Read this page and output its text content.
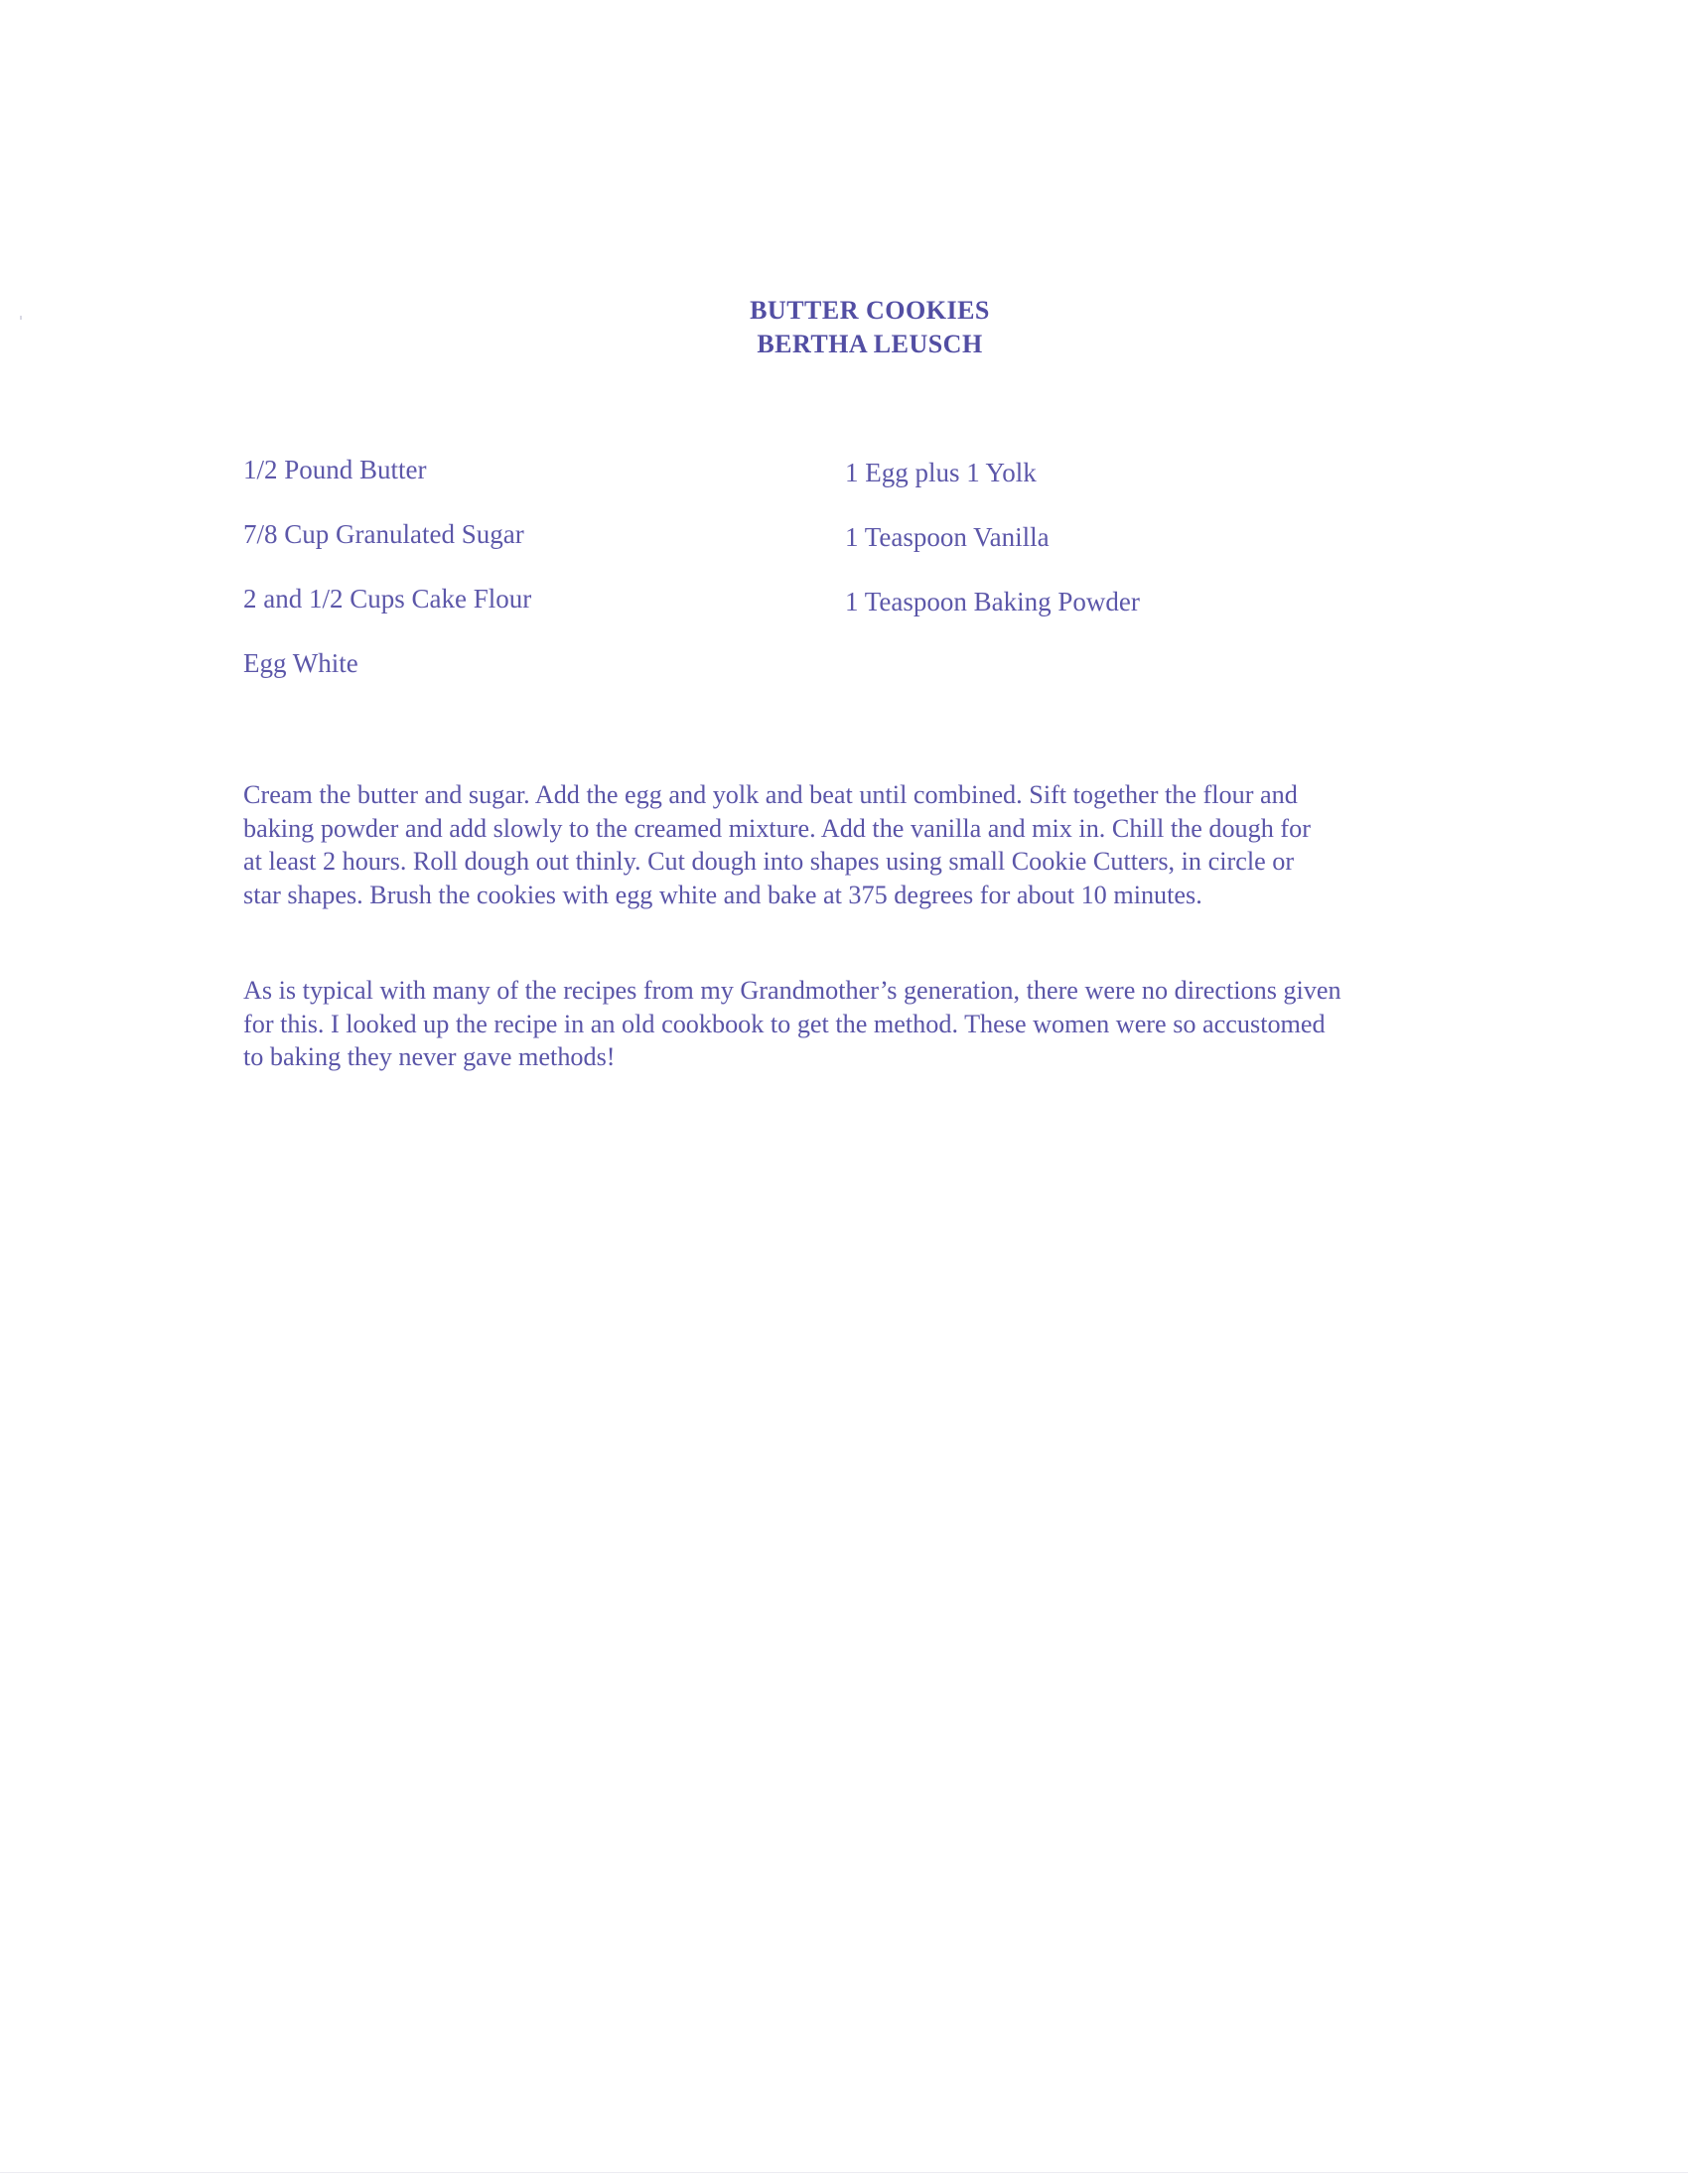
BUTTER COOKIES
BERTHA LEUSCH
1/2 Pound Butter
7/8 Cup Granulated Sugar
2 and 1/2 Cups Cake Flour
Egg White
1 Egg plus 1 Yolk
1 Teaspoon Vanilla
1 Teaspoon Baking Powder
Cream the butter and sugar. Add the egg and yolk and beat until combined. Sift together the flour and
baking powder and add slowly to the creamed mixture. Add the vanilla and mix in. Chill the dough for
at least 2 hours. Roll dough out thinly. Cut dough into shapes using small Cookie Cutters, in circle or
star shapes. Brush the cookies with egg white and bake at 375 degrees for about 10 minutes.
As is typical with many of the recipes from my Grandmother’s generation, there were no directions given
for this. I looked up the recipe in an old cookbook to get the method. These women were so accustomed
to baking they never gave methods!
